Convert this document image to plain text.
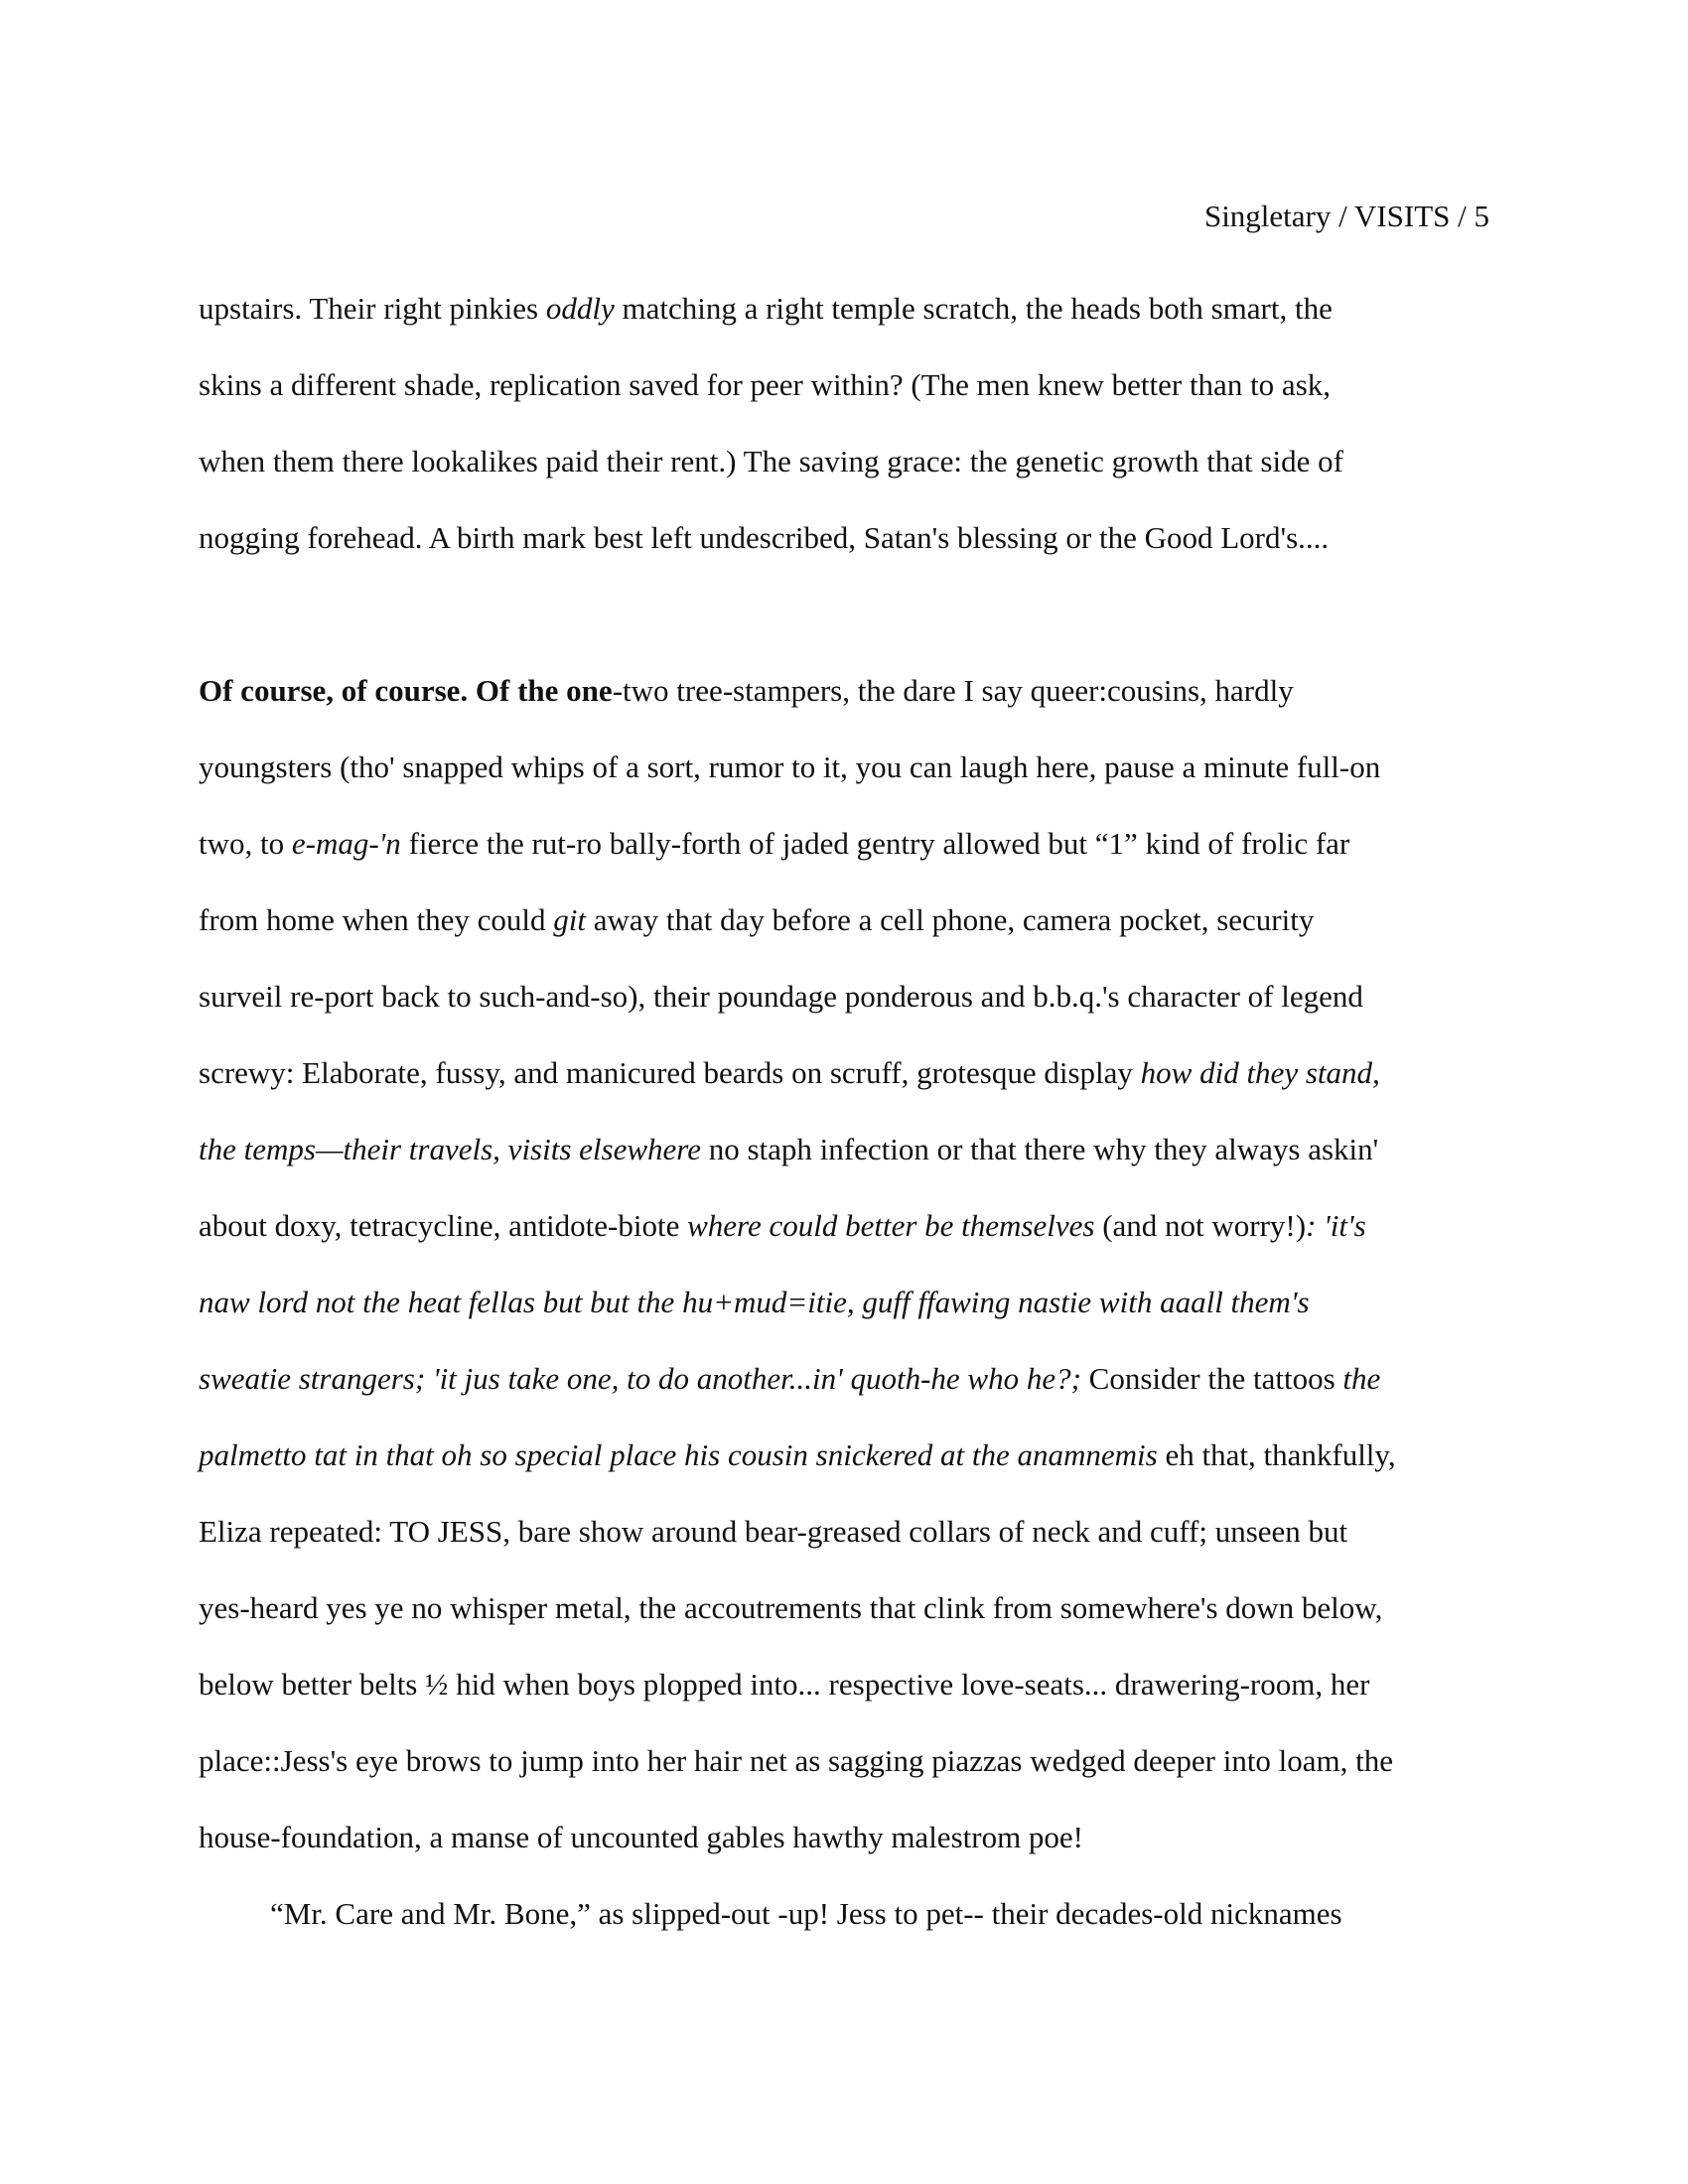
Singletary / VISITS / 5
upstairs. Their right pinkies oddly matching a right temple scratch, the heads both smart, the
skins a different shade, replication saved for peer within? (The men knew better than to ask,
when them there lookalikes paid their rent.) The saving grace: the genetic growth that side of
nogging forehead. A birth mark best left undescribed, Satan's blessing or the Good Lord's....
Of course, of course. Of the one-two tree-stampers, the dare I say queer:cousins, hardly
youngsters (tho' snapped whips of a sort, rumor to it, you can laugh here, pause a minute full-on
two, to e-mag-'n fierce the rut-ro bally-forth of jaded gentry allowed but “1” kind of frolic far
from home when they could git away that day before a cell phone, camera pocket, security
surveil re-port back to such-and-so), their poundage ponderous and b.b.q.'s character of legend
screwy: Elaborate, fussy, and manicured beards on scruff, grotesque display how did they stand,
the temps—their travels, visits elsewhere no staph infection or that there why they always askin'
about doxy, tetracycline, antidote-biote where could better be themselves (and not worry!): 'it's
naw lord not the heat fellas but but the hu+mud=itie, guff ffawing nastie with aaall them's
sweatie strangers; 'it jus take one, to do another...in' quoth-he who he?; Consider the tattoos the
palmetto tat in that oh so special place his cousin snickered at the anamnemis eh that, thankfully,
Eliza repeated: TO JESS, bare show around bear-greased collars of neck and cuff; unseen but
yes-heard yes ye no whisper metal, the accoutrements that clink from somewhere's down below,
below better belts ½ hid when boys plopped into... respective love-seats... drawering-room, her
place::Jess's eye brows to jump into her hair net as sagging piazzas wedged deeper into loam, the
house-foundation, a manse of uncounted gables hawthy malestrom poe!
“Mr. Care and Mr. Bone,” as slipped-out -up! Jess to pet-- their decades-old nicknames
